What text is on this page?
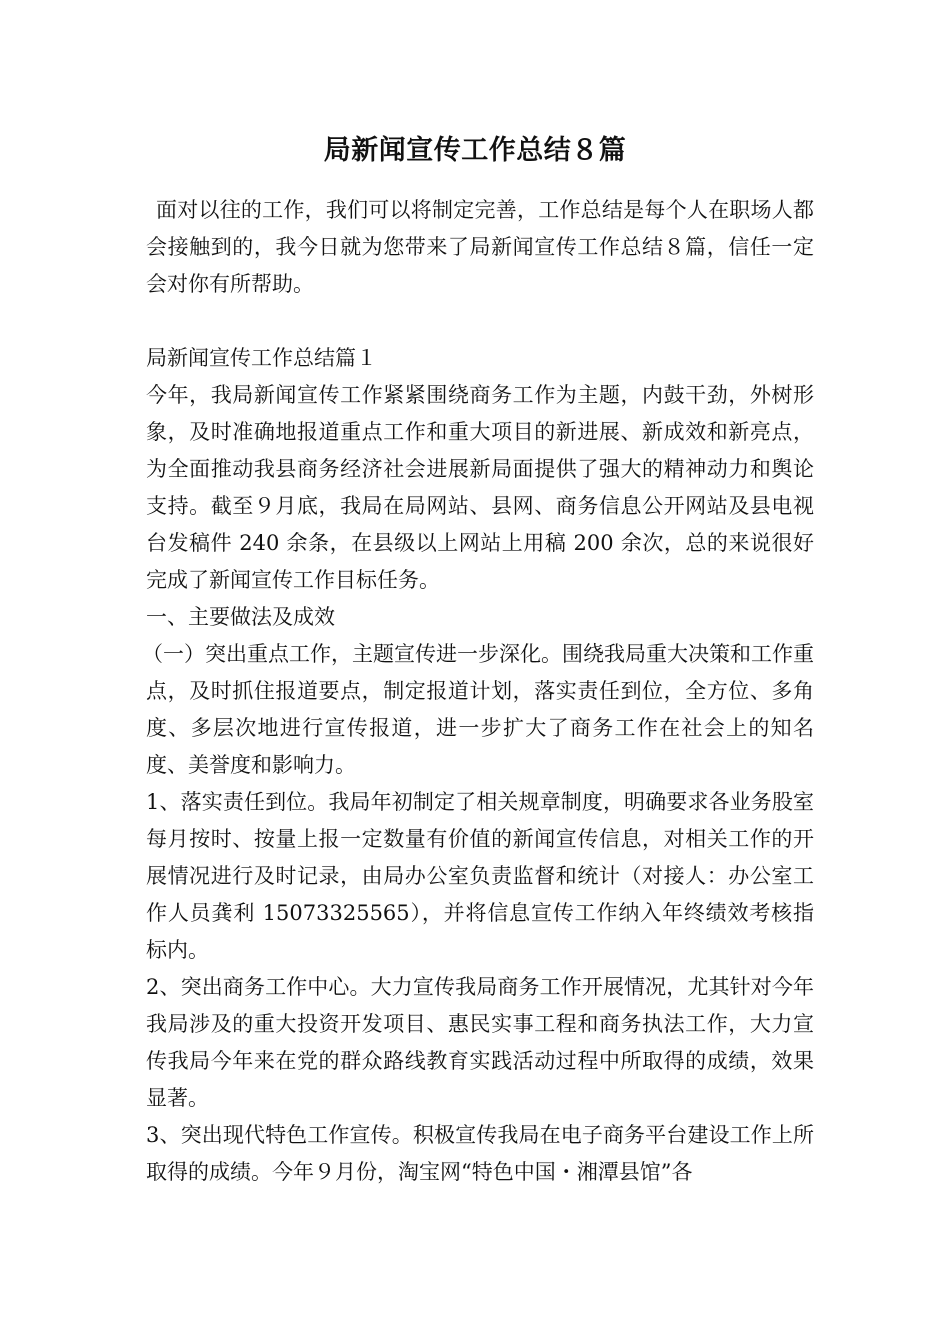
局新闻宣传工作总结８篇

面对以往的工作，我们可以将制定完善，工作总结是每个人在职场人都会接触到的，我今日就为您带来了局新闻宣传工作总结８篇，信任一定会对你有所帮助。

局新闻宣传工作总结篇１

今年，我局新闻宣传工作紧紧围绕商务工作为主题，内鼓干劲，外树形象，及时准确地报道重点工作和重大项目的新进展、新成效和新亮点，为全面推动我县商务经济社会进展新局面提供了强大的精神动力和舆论支持。截至９月底，我局在局网站、县网、商务信息公开网站及县电视台发稿件 240 余条，在县级以上网站上用稿 200 余次，总的来说很好完成了新闻宣传工作目标任务。

一、主要做法及成效

（一）突出重点工作，主题宣传进一步深化。围绕我局重大决策和工作重点，及时抓住报道要点，制定报道计划，落实责任到位，全方位、多角度、多层次地进行宣传报道，进一步扩大了商务工作在社会上的知名度、美誉度和影响力。

1、落实责任到位。我局年初制定了相关规章制度，明确要求各业务股室每月按时、按量上报一定数量有价值的新闻宣传信息，对相关工作的开展情况进行及时记录，由局办公室负责监督和统计（对接人：办公室工作人员龚利 15073325565），并将信息宣传工作纳入年终绩效考核指标内。

2、突出商务工作中心。大力宣传我局商务工作开展情况，尤其针对今年我局涉及的重大投资开发项目、惠民实事工程和商务执法工作，大力宣传我局今年来在党的群众路线教育实践活动过程中所取得的成绩，效果显著。

3、突出现代特色工作宣传。积极宣传我局在电子商务平台建设工作上所取得的成绩。今年９月份，淘宝网“特色中国・湘潭县馆”各
